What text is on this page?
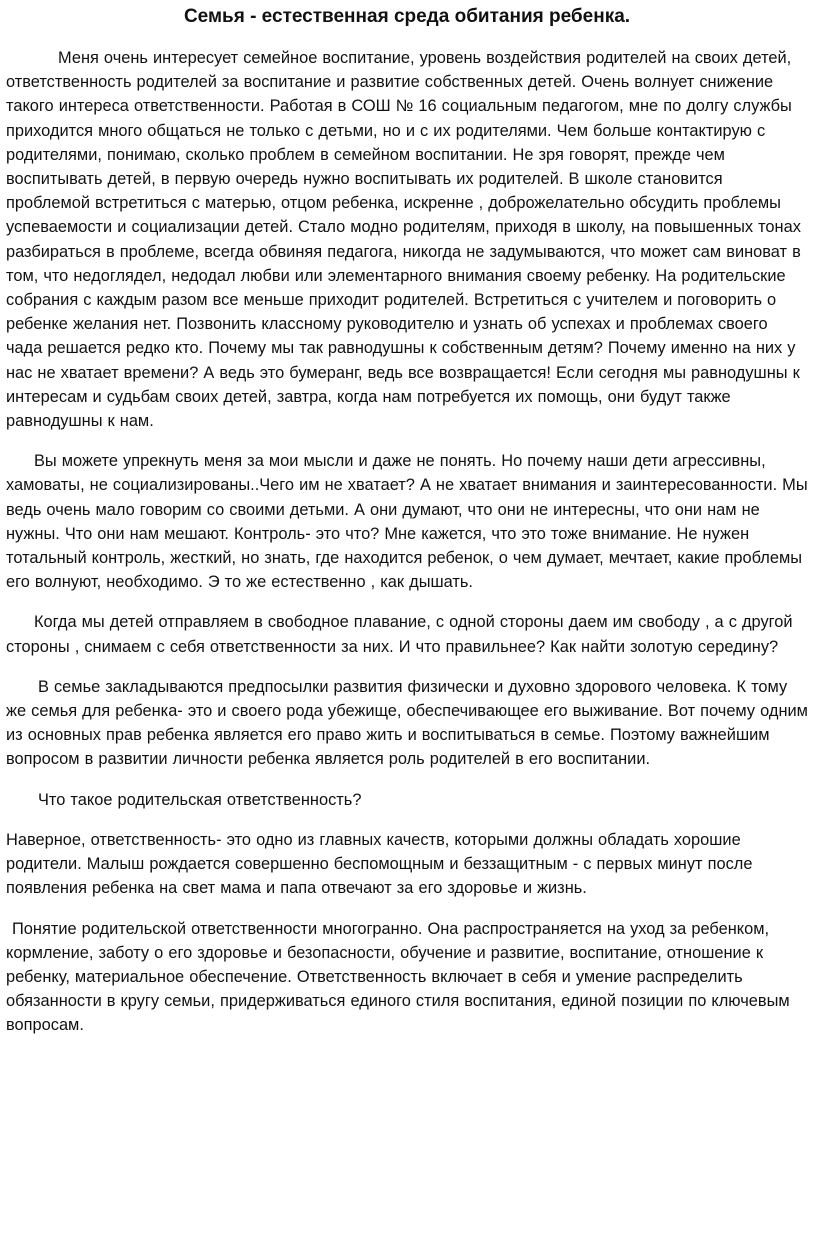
Семья - естественная среда обитания ребенка.

Меня очень интересует семейное воспитание, уровень воздействия родителей на своих детей, ответственность родителей за воспитание и развитие собственных детей. Очень волнует снижение такого интереса ответственности. Работая в СОШ № 16 социальным педагогом, мне по долгу службы приходится много общаться не только с детьми, но и с их родителями. Чем больше контактирую с родителями, понимаю, сколько проблем в семейном воспитании. Не зря говорят, прежде чем воспитывать детей, в первую очередь нужно воспитывать их родителей. В школе становится проблемой встретиться с матерью, отцом ребенка, искренне , доброжелательно обсудить проблемы успеваемости и социализации детей. Стало модно родителям, приходя в школу, на повышенных тонах разбираться в проблеме, всегда обвиняя педагога, никогда не задумываются, что может сам виноват в том, что недоглядел, недодал любви или элементарного внимания своему ребенку. На родительские собрания с каждым разом все меньше приходит родителей. Встретиться с учителем и поговорить о ребенке желания нет. Позвонить классному руководителю и узнать об успехах и проблемах своего чада решается редко кто. Почему мы так равнодушны к собственным детям? Почему именно на них у нас не хватает времени? А ведь это бумеранг, ведь все возвращается! Если сегодня мы равнодушны к интересам и судьбам своих детей, завтра, когда нам потребуется их помощь, они будут также равнодушны к нам.

Вы можете упрекнуть меня за мои мысли и даже не понять. Но почему наши дети агрессивны, хамоваты, не социализированы..Чего им не хватает? А не хватает внимания и заинтересованности. Мы ведь очень мало говорим со своими детьми. А они думают, что они не интересны, что они нам не нужны. Что они нам мешают. Контроль- это что? Мне кажется, что это тоже внимание. Не нужен тотальный контроль, жесткий, но знать, где находится ребенок, о чем думает, мечтает, какие проблемы его волнуют, необходимо. Э то же естественно , как дышать.

Когда мы детей отправляем в свободное плавание, с одной стороны даем им свободу , а с другой стороны , снимаем с себя ответственности за них. И что правильнее? Как найти золотую середину?

В семье закладываются предпосылки развития физически и духовно здорового человека. К тому же семья для ребенка- это и своего рода убежище, обеспечивающее его выживание. Вот почему одним из основных прав ребенка является его право жить и воспитываться в семье. Поэтому важнейшим вопросом в развитии личности ребенка является роль родителей в его воспитании.

Что такое родительская ответственность?

Наверное, ответственность- это одно из главных качеств, которыми должны обладать хорошие родители. Малыш рождается совершенно беспомощным и беззащитным - с первых минут после появления ребенка на свет мама и папа отвечают за его здоровье и жизнь.

Понятие родительской ответственности многогранно. Она распространяется на уход за ребенком, кормление, заботу о его здоровье и безопасности, обучение и развитие, воспитание, отношение к ребенку, материальное обеспечение. Ответственность включает в себя и умение распределить обязанности в кругу семьи, придерживаться единого стиля воспитания, единой позиции по ключевым вопросам.
